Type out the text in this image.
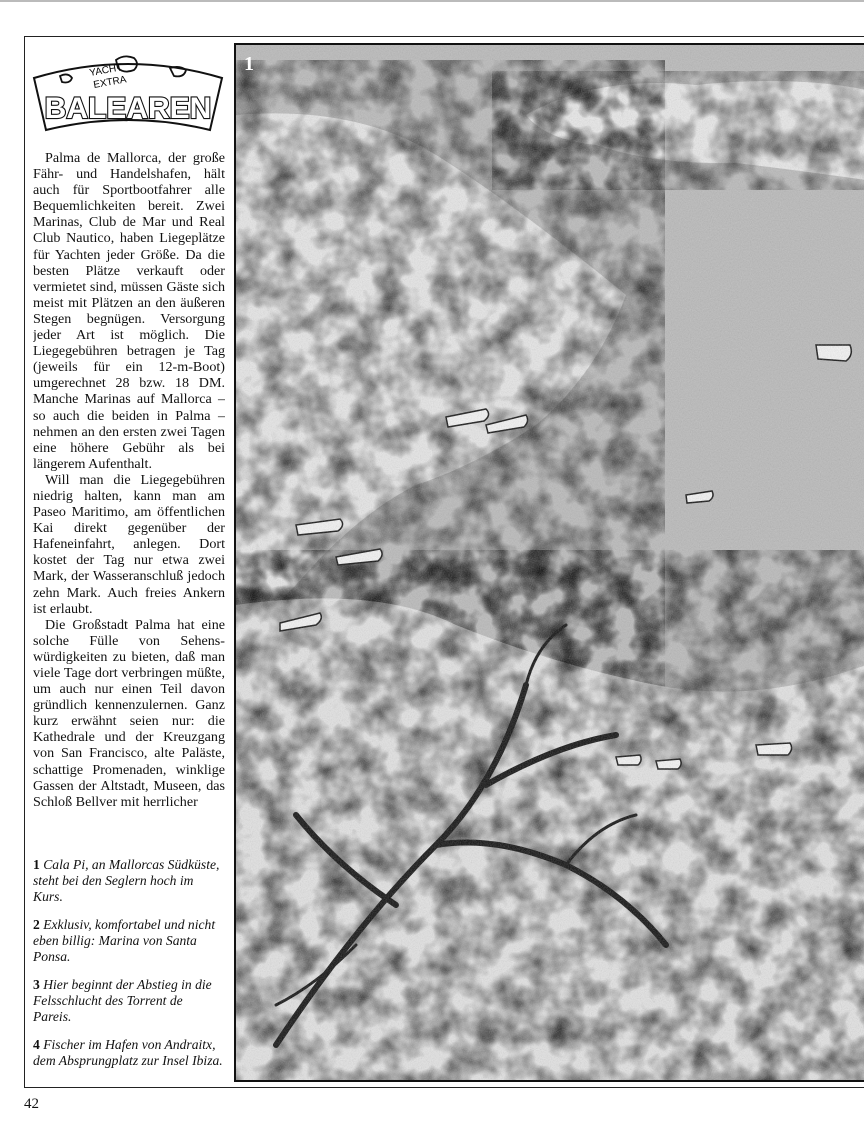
YACHT
EXTRA
BALEAREN

Palma de Mallorca, der große Fähr- und Handelshafen, hält auch für Sportbootfahrer alle Bequemlichkeiten bereit. Zwei Marinas, Club de Mar und Real Club Nautico, haben Liegeplätze für Yachten jeder Größe. Da die besten Plätze verkauft oder vermietet sind, müssen Gäste sich meist mit Plätzen an den äußeren Stegen begnügen. Versorgung jeder Art ist möglich. Die Liegegebühren betragen je Tag (jeweils für ein 12-m-Boot) umgerechnet 28 bzw. 18 DM. Manche Marinas auf Mallorca – so auch die beiden in Palma – nehmen an den ersten zwei Tagen eine höhere Gebühr als bei längerem Aufenthalt.

Will man die Liegegebühren niedrig halten, kann man am Paseo Maritimo, am öffentlichen Kai direkt gegenüber der Hafeneinfahrt, anlegen. Dort kostet der Tag nur etwa zwei Mark, der Wasseranschluß jedoch zehn Mark. Auch freies Ankern ist erlaubt.

Die Großstadt Palma hat eine solche Fülle von Sehenswürdigkeiten zu bieten, daß man viele Tage dort verbringen müßte, um auch nur einen Teil davon gründlich kennenzulernen. Ganz kurz erwähnt seien nur: die Kathedrale und der Kreuzgang von San Francisco, alte Paläste, schattige Promenaden, winklige Gassen der Altstadt, Museen, das Schloß Bellver mit herrlicher

1 Cala Pi, an Mallorcas Südküste, steht bei den Seglern hoch im Kurs.

2 Exklusiv, komfortabel und nicht eben billig: Marina von Santa Ponsa.

3 Hier beginnt der Abstieg in die Felsschlucht des Torrent de Pareis.

4 Fischer im Hafen von Andraitx, dem Absprungplatz zur Insel Ibiza.

1
42
